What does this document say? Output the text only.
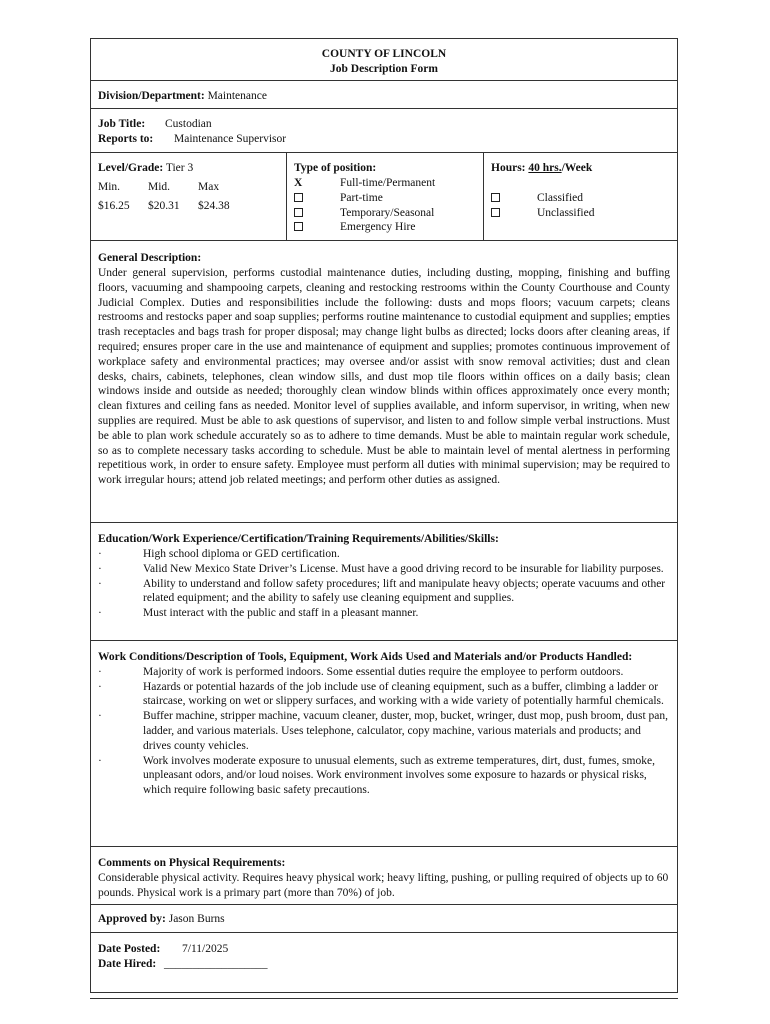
COUNTY OF LINCOLN
Job Description Form
Division/Department: Maintenance
Job Title: Custodian
Reports to: Maintenance Supervisor
Level/Grade: Tier 3
Min.	Mid.	Max
$16.25	$20.31	$24.38
Type of position:
X	Full-time/Permanent
Part-time
Temporary/Seasonal
Emergency Hire
Hours: 40 hrs./Week
Classified
Unclassified
General Description:

Under general supervision, performs custodial maintenance duties, including dusting, mopping, finishing and buffing floors, vacuuming and shampooing carpets, cleaning and restocking restrooms within the County Courthouse and County Judicial Complex. Duties and responsibilities include the following: dusts and mops floors; vacuum carpets; cleans restrooms and restocks paper and soap supplies; performs routine maintenance to custodial equipment and supplies; empties trash receptacles and bags trash for proper disposal; may change light bulbs as directed; locks doors after cleaning areas, if required; ensures proper care in the use and maintenance of equipment and supplies; promotes continuous improvement of workplace safety and environmental practices; may oversee and/or assist with snow removal activities; dust and clean desks, chairs, cabinets, telephones, clean window sills, and dust mop tile floors within offices on a daily basis; clean windows inside and outside as needed; thoroughly clean window blinds within offices approximately once every month; clean fixtures and ceiling fans as needed. Monitor level of supplies available, and inform supervisor, in writing, when new supplies are required. Must be able to ask questions of supervisor, and listen to and follow simple verbal instructions. Must be able to plan work schedule accurately so as to adhere to time demands. Must be able to maintain regular work schedule, so as to complete necessary tasks according to schedule. Must be able to maintain level of mental alertness in performing repetitious work, in order to ensure safety. Employee must perform all duties with minimal supervision; may be required to work irregular hours; attend job related meetings; and perform other duties as assigned.

Education/Work Experience/Certification/Training Requirements/Abilities/Skills:
·	High school diploma or GED certification.
·	Valid New Mexico State Driver’s License. Must have a good driving record to be insurable for liability purposes.
·	Ability to understand and follow safety procedures; lift and manipulate heavy objects; operate vacuums and other related equipment; and the ability to safely use cleaning equipment and supplies.
·	Must interact with the public and staff in a pleasant manner.
Work Conditions/Description of Tools, Equipment, Work Aids Used and Materials and/or Products Handled:
·	Majority of work is performed indoors. Some essential duties require the employee to perform outdoors.
·	Hazards or potential hazards of the job include use of cleaning equipment, such as a buffer, climbing a ladder or staircase, working on wet or slippery surfaces, and working with a wide variety of potentially harmful chemicals.
·	Buffer machine, stripper machine, vacuum cleaner, duster, mop, bucket, wringer, dust mop, push broom, dust pan, ladder, and various materials. Uses telephone, calculator, copy machine, various materials and products; and drives county vehicles.
·	Work involves moderate exposure to unusual elements, such as extreme temperatures, dirt, dust, fumes, smoke, unpleasant odors, and/or loud noises. Work environment involves some exposure to hazards or physical risks, which require following basic safety precautions.
Comments on Physical Requirements:

Considerable physical activity. Requires heavy physical work; heavy lifting, pushing, or pulling required of objects up to 60 pounds. Physical work is a primary part (more than 70%) of job.

Approved by: Jason Burns
Date Posted: 7/11/2025
Date Hired: __________________
